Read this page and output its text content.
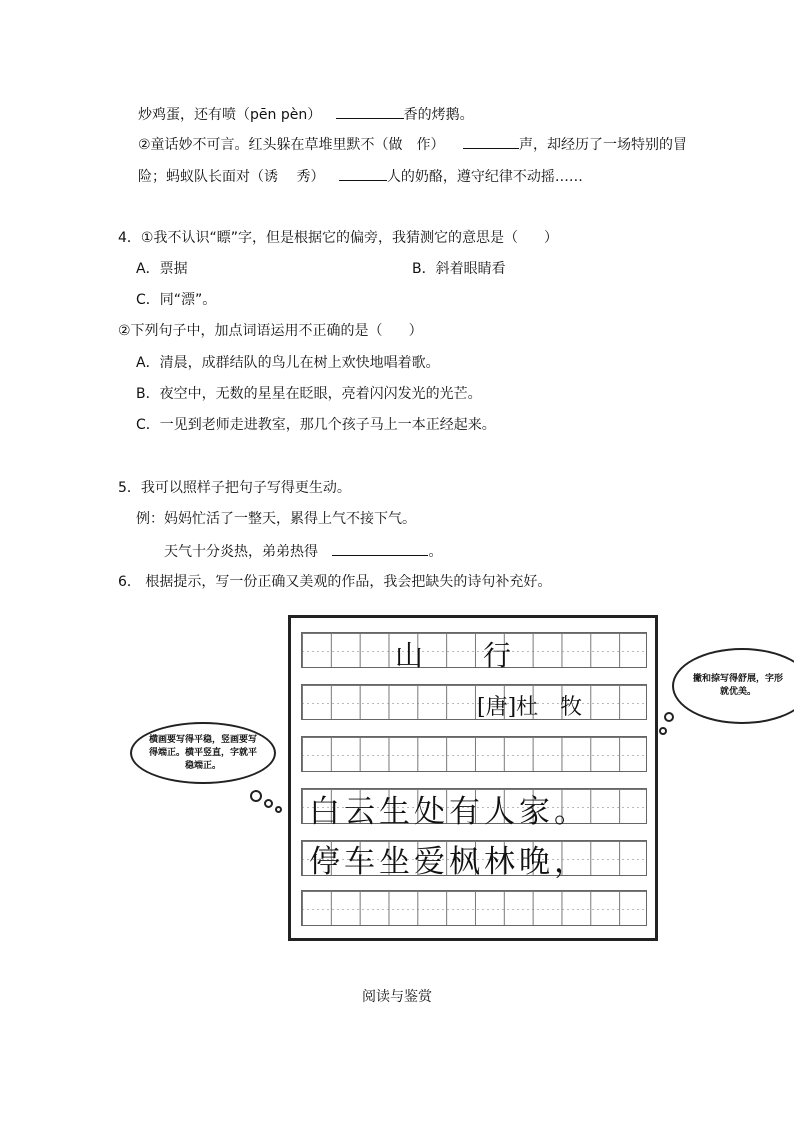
炒鸡蛋，还有喷（pēn pèn）	香的烤鹅。
②童话妙不可言。红头躲在草堆里默不（做　作）	声，却经历了一场特别的冒
险；蚂蚁队长面对（诱　 秀）	人的奶酪，遵守纪律不动摇……
4．①我不认识“瞟”字，但是根据它的偏旁，我猜测它的意思是（ ）
A．票据	B．斜着眼睛看
C．同“漂”。
②下列句子中，加点词语运用不正确的是（ ）
A．清晨，成群结队的鸟儿在树上欢快地唱着歌。
B．夜空中，无数的星星在眨眼，亮着闪闪发光的光芒。
C．一见到老师走进教室，那几个孩子马上一本正经起来。
5．我可以照样子把句子写得更生动。
例：妈妈忙活了一整天，累得上气不接下气。
天气十分炎热，弟弟热得	。
6． 根据提示，写一份正确又美观的作品，我会把缺失的诗句补充好。
山 行
[唐]杜　牧
白云生处有人家。
停车坐爱枫林晚，
横画要写得平稳，竖画要写得端正。横平竖直，字就平稳端正。
撇和捺写得舒展，字形就优美。
阅读与鉴赏
